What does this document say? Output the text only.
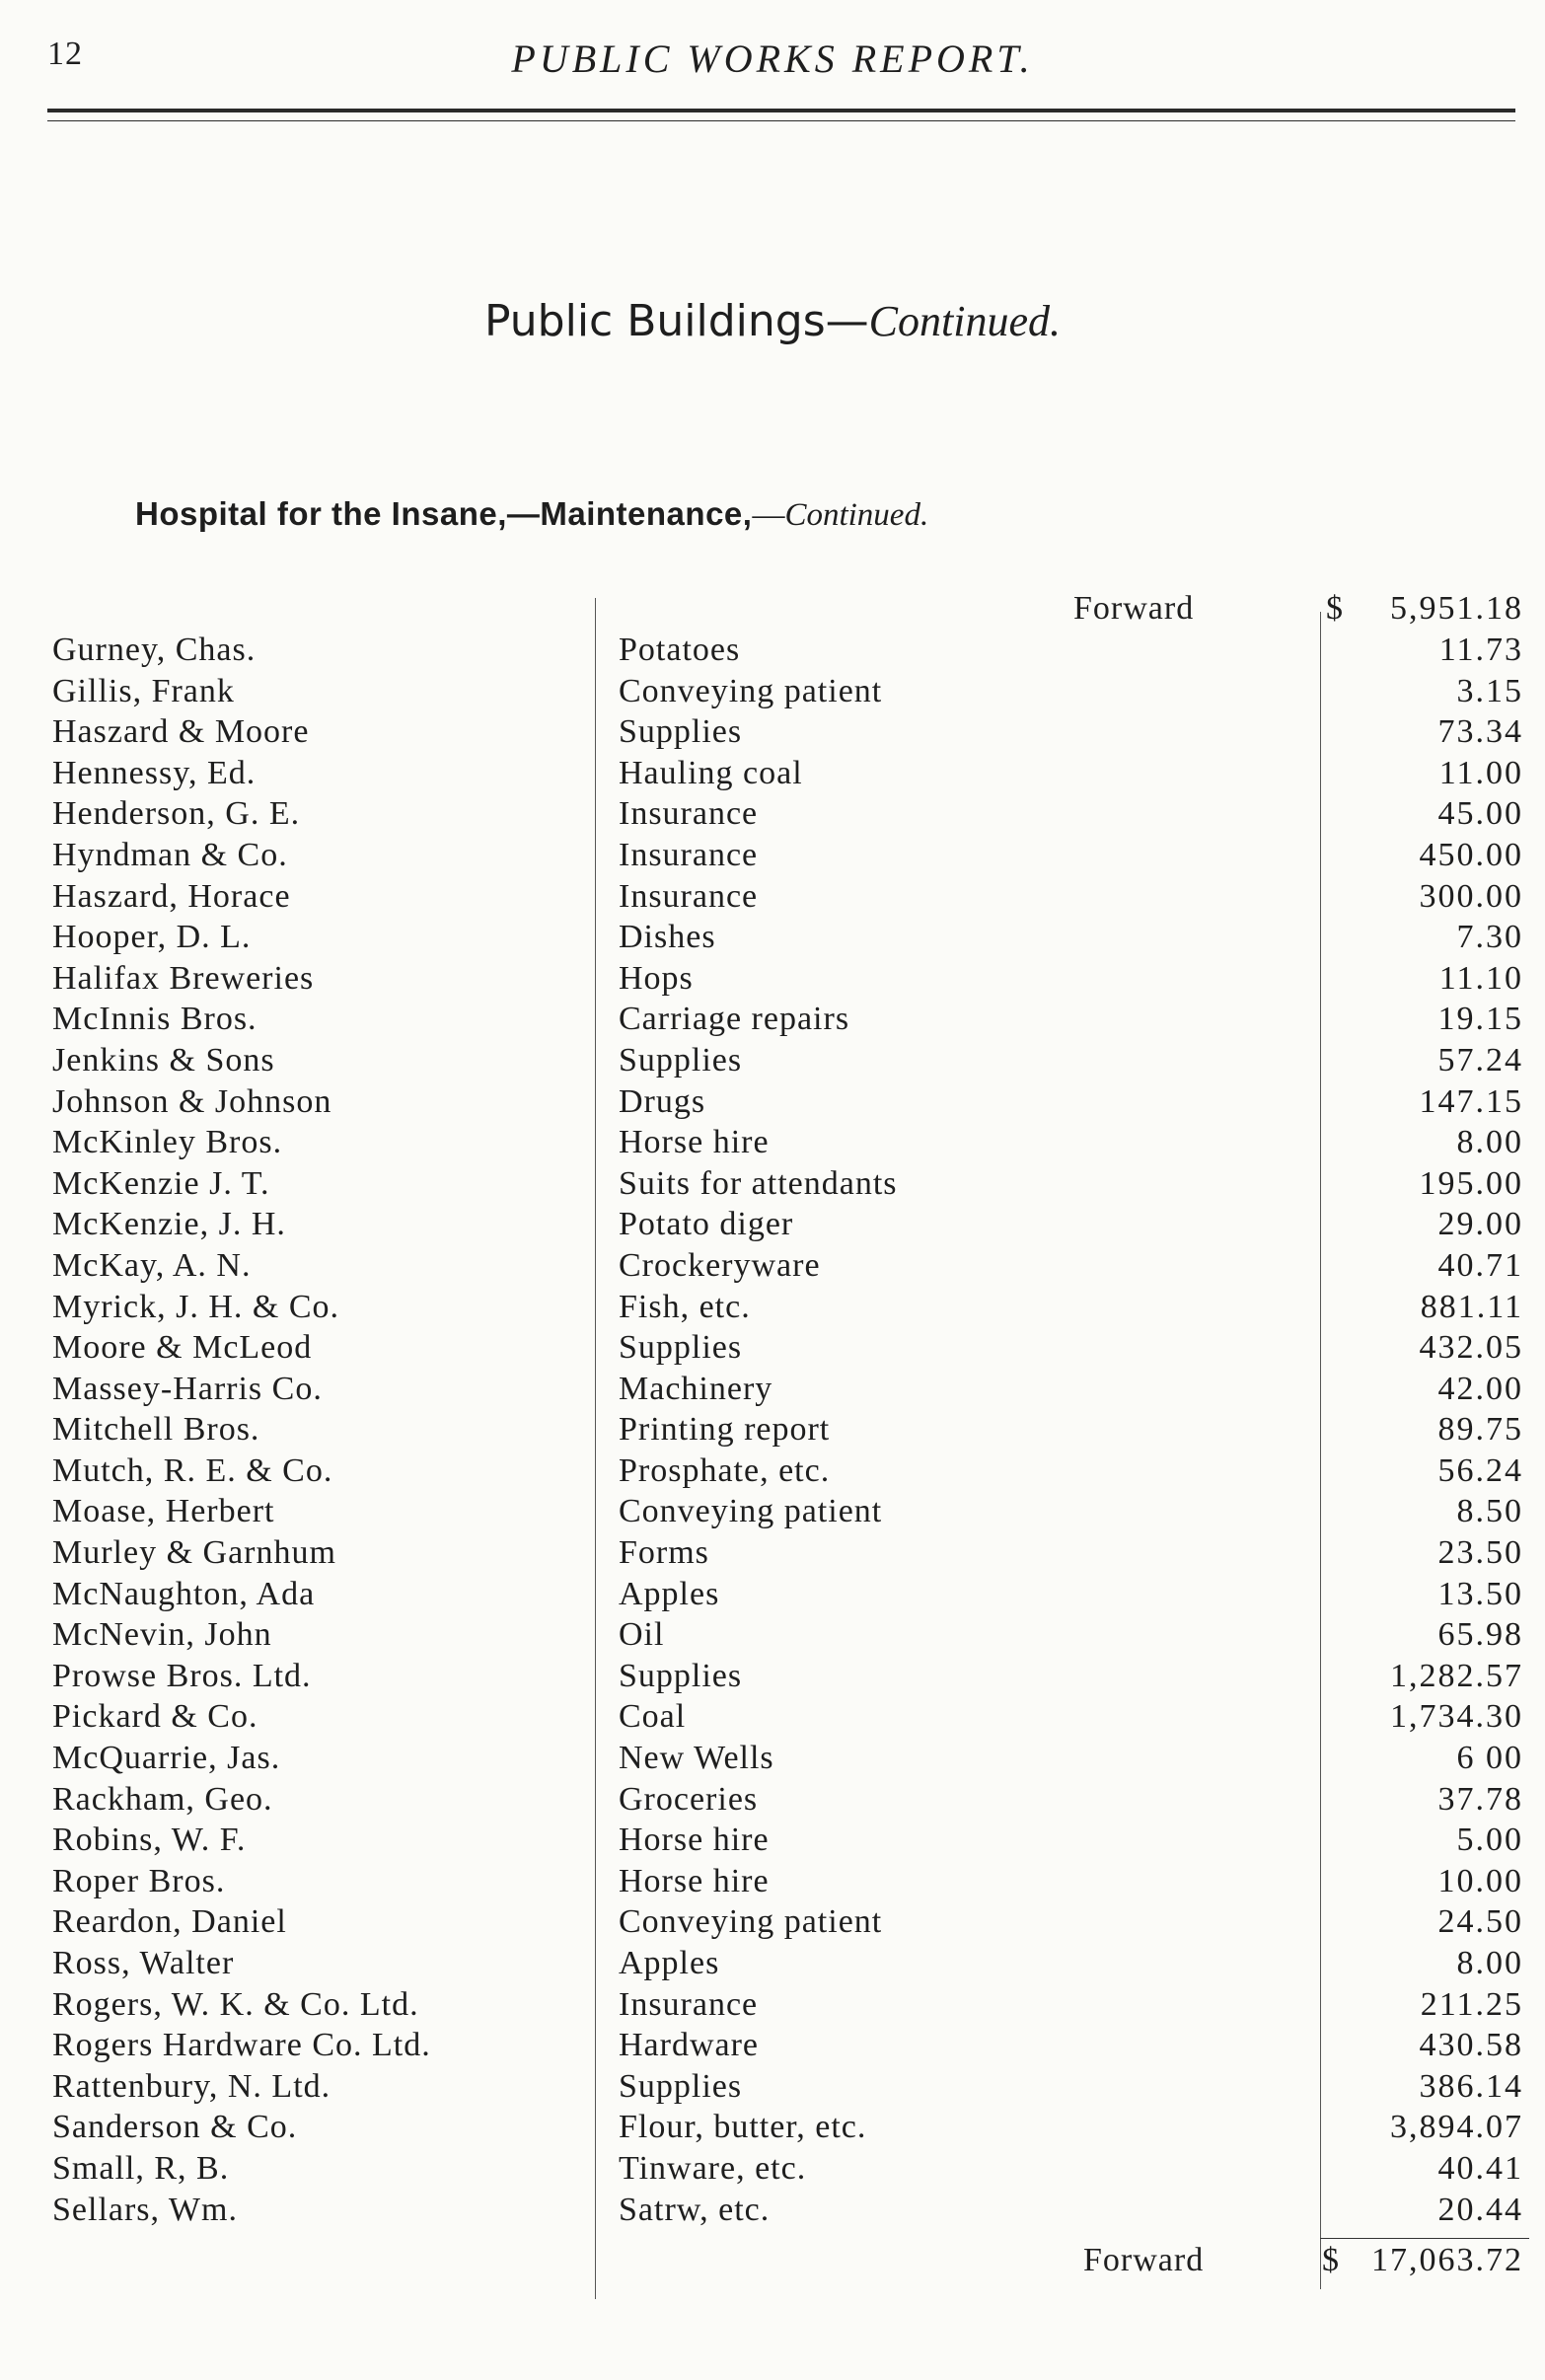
12	PUBLIC WORKS REPORT.
Public Buildings—Continued.
Hospital for the Insane,—Maintenance,—Continued.
Forward	$ 5,951.18
Gurney, Chas.	Potatoes	11.73
Gillis, Frank	Conveying patient	3.15
Haszard & Moore	Supplies	73.34
Hennessy, Ed.	Hauling coal	11.00
Henderson, G. E.	Insurance	45.00
Hyndman & Co.	Insurance	450.00
Haszard, Horace	Insurance	300.00
Hooper, D. L.	Dishes	7.30
Halifax Breweries	Hops	11.10
McInnis Bros.	Carriage repairs	19.15
Jenkins & Sons	Supplies	57.24
Johnson & Johnson	Drugs	147.15
McKinley Bros.	Horse hire	8.00
McKenzie J. T.	Suits for attendants	195.00
McKenzie, J. H.	Potato diger	29.00
McKay, A. N.	Crockeryware	40.71
Myrick, J. H. & Co.	Fish, etc.	881.11
Moore & McLeod	Supplies	432.05
Massey-Harris Co.	Machinery	42.00
Mitchell Bros.	Printing report	89.75
Mutch, R. E. & Co.	Prosphate, etc.	56.24
Moase, Herbert	Conveying patient	8.50
Murley & Garnhum	Forms	23.50
McNaughton, Ada	Apples	13.50
McNevin, John	Oil	65.98
Prowse Bros. Ltd.	Supplies	1,282.57
Pickard & Co.	Coal	1,734.30
McQuarrie, Jas.	New Wells	6 00
Rackham, Geo.	Groceries	37.78
Robins, W. F.	Horse hire	5.00
Roper Bros.	Horse hire	10.00
Reardon, Daniel	Conveying patient	24.50
Ross, Walter	Apples	8.00
Rogers, W. K. & Co. Ltd.	Insurance	211.25
Rogers Hardware Co. Ltd.	Hardware	430.58
Rattenbury, N. Ltd.	Supplies	386.14
Sanderson & Co.	Flour, butter, etc.	3,894.07
Small, R, B.	Tinware, etc.	40.41
Sellars, Wm.	Satrw, etc.	20.44
Forward	$ 17,063.72
